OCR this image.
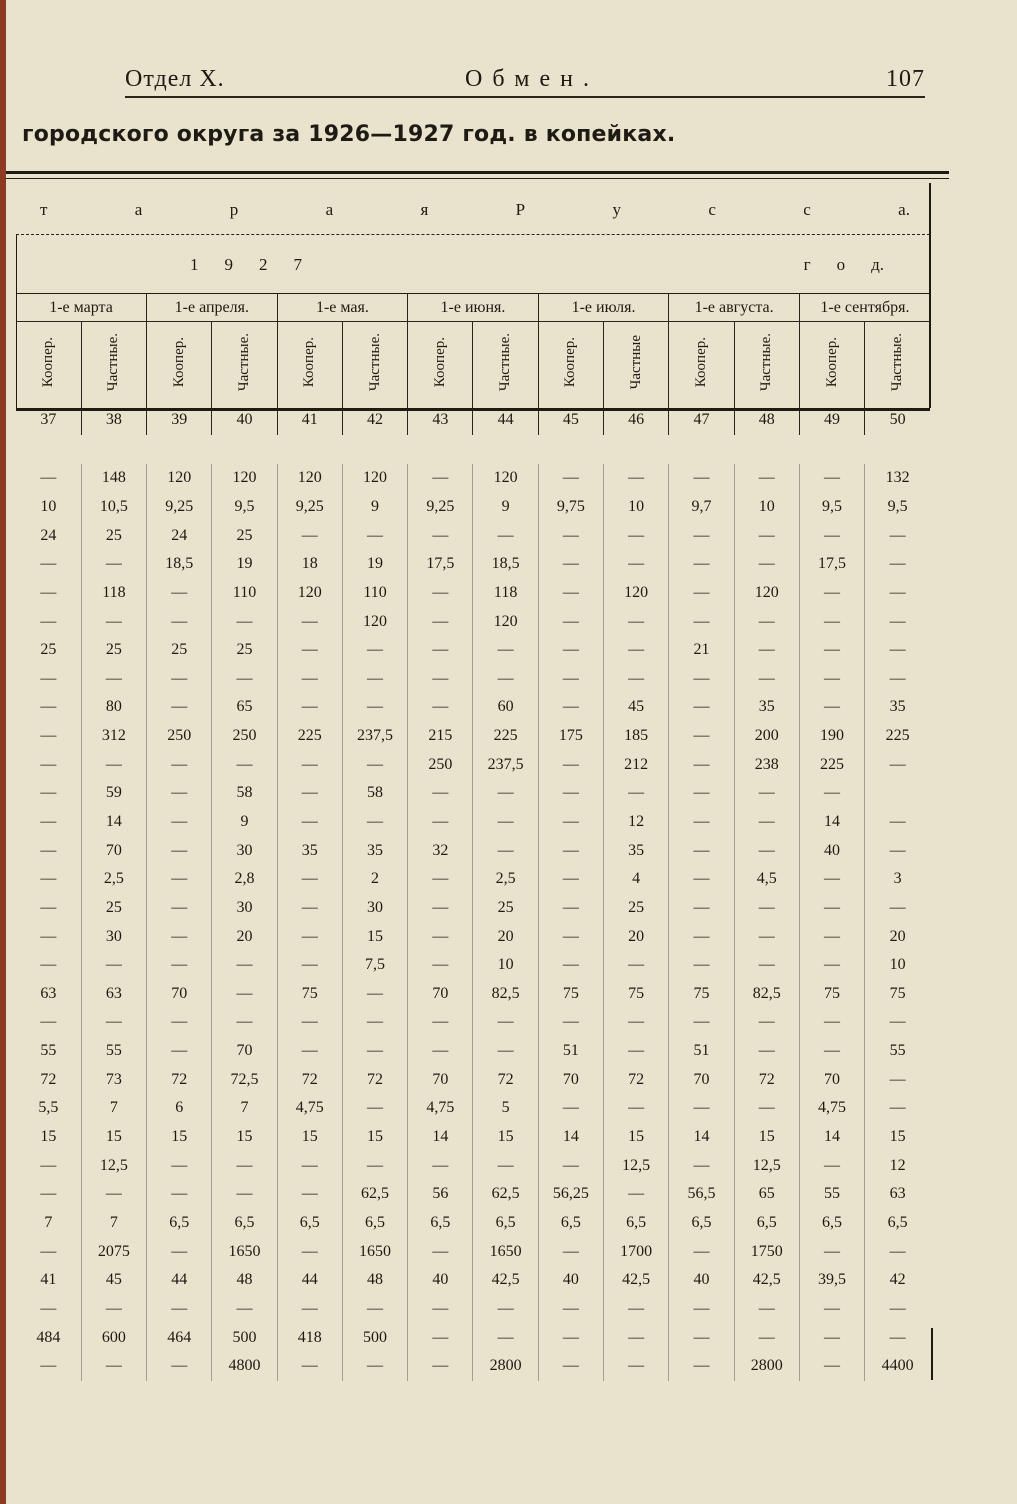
Отдел X.	Обмен.	107
городского округа за 1926—1927 год. в копейках.
т	а	р	а	я	Р	у	с	с	а.
1 9 2 7	г о д.
1-е марта		1-е апреля.		1-е мая.		1-е июня.		1-е июля.		1-е августа.		1-е сентября.	
Коопер.	Частные.	Коопер.	Частные.	Коопер.	Частные.	Коопер.	Частные.	Коопер.	Частные	Коопер.	Частные.	Коопер.	Частные.
37	38	39	40	41	42	43	44	45	46	47	48	49	50
—	148	120	120	120	120	—	120	—	—	—	—	—	132
10	10,5	9,25	9,5	9,25	9	9,25	9	9,75	10	9,7	10	9,5	9,5
24	25	24	25	—	—	—	—	—	—	—	—	—	—
—	—	18,5	19	18	19	17,5	18,5	—	—	—	—	17,5	—
—	118	—	110	120	110	—	118	—	120	—	120	—	—
—	—	—	—	—	120	—	120	—	—	—	—	—	—
25	25	25	25	—	—	—	—	—	—	21	—	—	—
—	—	—	—	—	—	—	—	—	—	—	—	—	—
—	80	—	65	—	—	—	60	—	45	—	35	—	35
—	312	250	250	225	237,5	215	225	175	185	—	200	190	225
—	—	—	—	—	—	250	237,5	—	212	—	238	225	—
—	59	—	58	—	58	—	—	—	—	—	—	—	
—	14	—	9	—	—	—	—	—	12	—	—	14	—
—	70	—	30	35	35	32	—	—	35	—	—	40	—
—	2,5	—	2,8	—	2	—	2,5	—	4	—	4,5	—	3
—	25	—	30	—	30	—	25	—	25	—	—	—	—
—	30	—	20	—	15	—	20	—	20	—	—	—	20
—	—	—	—	—	7,5	—	10	—	—	—	—	—	10
63	63	70	—	75	—	70	82,5	75	75	75	82,5	75	75
—	—	—	—	—	—	—	—	—	—	—	—	—	—
55	55	—	70	—	—	—	—	51	—	51	—	—	55
72	73	72	72,5	72	72	70	72	70	72	70	72	70	—
5,5	7	6	7	4,75	—	4,75	5	—	—	—	—	4,75	—
15	15	15	15	15	15	14	15	14	15	14	15	14	15
—	12,5	—	—	—	—	—	—	—	12,5	—	12,5	—	12
—	—	—	—	—	62,5	56	62,5	56,25	—	56,5	65	55	63
7	7	6,5	6,5	6,5	6,5	6,5	6,5	6,5	6,5	6,5	6,5	6,5	6,5
—	2075	—	1650	—	1650	—	1650	—	1700	—	1750	—	—
41	45	44	48	44	48	40	42,5	40	42,5	40	42,5	39,5	42
—	—	—	—	—	—	—	—	—	—	—	—	—	—
484	600	464	500	418	500	—	—	—	—	—	—	—	—
—	—	—	4800	—	—	—	2800	—	—	—	2800	—	4400
